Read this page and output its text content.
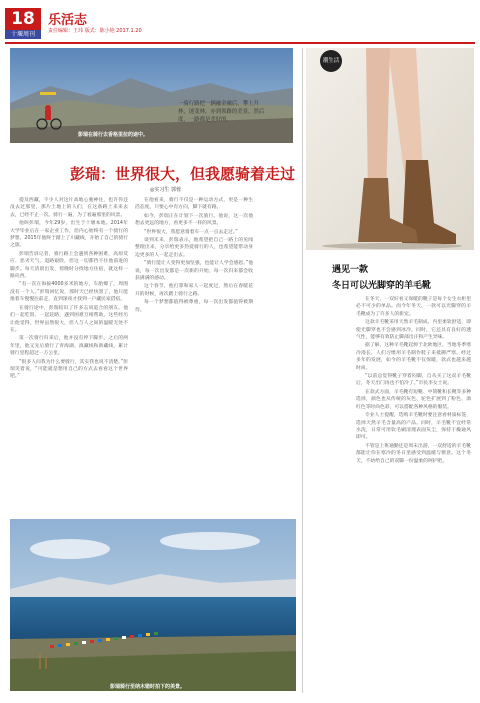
18
十堰周刊
乐活志
责任编辑：王玮 版式：陈小艳 2017.1.20
彭瑞在骑行去香格里拉的途中。
一骑行路把一辆融金融后，攀上升
林，迷变林，亦到领路的美景，然后
度，一路都是美好的。
彭瑞：世界很大，但我愿骑着走过
◎实习生 郭蓉

提及西藏，不少人对这片高地心驰神往，也许你还没去过那里，那片土地上的人们，在这条路上来来去去，已经不止一次。骑行一遍，为了看遍那里的风景。

他叫彭瑞，今年29岁，出生于十堰本地。2014年大学毕业后在一家企业工作，但内心始终有一个骑行的梦想。2015年他终于踏上了川藏线，开始了自己的骑行之旅。

彭瑞告诉记者，骑行路上会遇到各种困难，高原反应、恶劣天气、道路艰险，但这一切都挡不住他前进的脚步。每天清晨出发，傍晚时分找地方住宿，就这样一路向西。

“有一次在海拔4000多米的地方，车胎爆了，周围没有一个人。”彭瑞回忆说，那时天已经快黑了，他只能推着车慢慢往前走，直到深夜才找到一户藏民家借宿。

在骑行途中，彭瑞结识了许多志同道合的朋友。他们一起吃饭、一起赶路，遇到困难互相帮助。这些经历让他觉得，世界虽然很大，但人与人之间的温暖无处不在。

第一次骑行归来后，他并没有停下脚步。之后的两年里，他又先后骑行了青海湖、滇藏线和新藏线，累计骑行里程超过一万公里。

“很多人问我为什么要骑行，其实我也说不清楚。”彭瑞笑着说，“可能就是想用自己的方式去看看这个世界吧。”

在他看来，骑行不仅是一种运动方式，更是一种生活态度。只要心中有方向，脚下就有路。

如今，彭瑞正在计划下一次旅行。他说，这一次他想去更远的地方，看更多不一样的风景。

“世界很大，我愿意骑着车一点一点去走过。”

谈到未来，彭瑞表示，他希望把自己一路上的见闻整理出来，分享给更多热爱骑行的人，也希望能带动身边更多的人一起走出去。

“骑行能让人变得更加坚强，也能让人学会感恩。”他说，每一次出发都是一次新的开始，每一次归来都会收获满满的感动。

这个春节，他打算和家人一起度过，然后在春暖花开的时候，再次踏上骑行之路。

每一个梦想都值得被尊重，每一次出发都值得被期待。

彭瑞骑行至纳木错时拍下的美景。
潮生活
遇见一款
冬日可以光脚穿的羊毛靴

在冬天，一双好看又保暖的靴子是每个女生衣柜里必不可少的单品。而今年冬天，一款可以光脚穿的羊毛靴成为了许多人的新宠。

这款羊毛靴采用天然羊毛制成，内里柔软舒适，即使光脚穿也不会感到冰冷。同时，它还具有良好的透气性，能够有效防止脚部出汗和产生异味。

据了解，这种羊毛靴起源于北欧地区，当地冬季寒冷漫长，人们习惯用羊毛制作鞋子来抵御严寒。经过多年的发展，如今的羊毛靴不仅保暖，款式也越来越时尚。

“以前总觉得靴子穿着闷脚，自从买了这双羊毛靴后，冬天出门再也不怕冷了。”市民李女士说。

在款式方面，羊毛靴有短靴、中筒靴和长靴等多种选择，颜色也从传统的灰色、驼色扩展到了粉色、酒红色等时尚色彩，可以搭配各种风格的服装。

专业人士提醒，选购羊毛靴时要注意看材质标签，选择天然羊毛含量高的产品。同时，羊毛靴不宜经常水洗，日常可用软毛刷清理表面灰尘，保持干燥通风即可。

不管是上班通勤还是周末出游，一双舒适的羊毛靴都能让你在寒冷的冬日里感受到温暖与惬意。这个冬天，不妨给自己的双脚一份温柔的呵护吧。
